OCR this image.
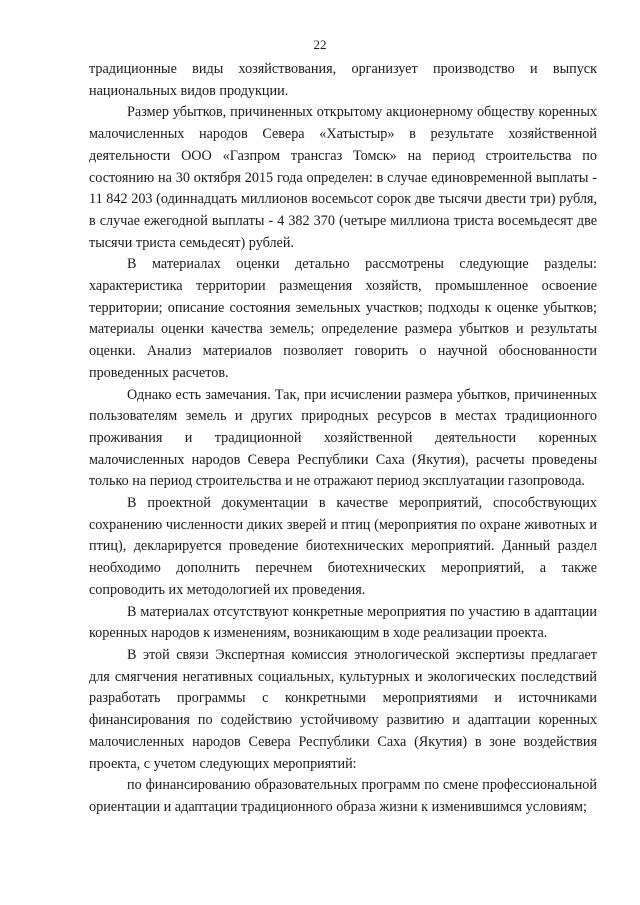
22

традиционные виды хозяйствования, организует производство и выпуск национальных видов продукции.

Размер убытков, причиненных открытому акционерному обществу коренных малочисленных народов Севера «Хатыстыр» в результате хозяйственной деятельности ООО «Газпром трансгаз Томск» на период строительства по состоянию на 30 октября 2015 года определен: в случае единовременной выплаты - 11 842 203 (одиннадцать миллионов восемьсот сорок две тысячи двести три) рубля, в случае ежегодной выплаты - 4 382 370 (четыре миллиона триста восемьдесят две тысячи триста семьдесят) рублей.

В материалах оценки детально рассмотрены следующие разделы: характеристика территории размещения хозяйств, промышленное освоение территории; описание состояния земельных участков; подходы к оценке убытков; материалы оценки качества земель; определение размера убытков и результаты оценки. Анализ материалов позволяет говорить о научной обоснованности проведенных расчетов.

Однако есть замечания. Так, при исчислении размера убытков, причиненных пользователям земель и других природных ресурсов в местах традиционного проживания и традиционной хозяйственной деятельности коренных малочисленных народов Севера Республики Саха (Якутия), расчеты проведены только на период строительства и не отражают период эксплуатации газопровода.

В проектной документации в качестве мероприятий, способствующих сохранению численности диких зверей и птиц (мероприятия по охране животных и птиц), декларируется проведение биотехнических мероприятий. Данный раздел необходимо дополнить перечнем биотехнических мероприятий, а также сопроводить их методологией их проведения.

В материалах отсутствуют конкретные мероприятия по участию в адаптации коренных народов к изменениям, возникающим в ходе реализации проекта.

В этой связи Экспертная комиссия этнологической экспертизы предлагает для смягчения негативных социальных, культурных и экологических последствий разработать программы с конкретными мероприятиями и источниками финансирования по содействию устойчивому развитию и адаптации коренных малочисленных народов Севера Республики Саха (Якутия) в зоне воздействия проекта, с учетом следующих мероприятий:

по финансированию образовательных программ по смене профессиональной ориентации и адаптации традиционного образа жизни к изменившимся условиям;
